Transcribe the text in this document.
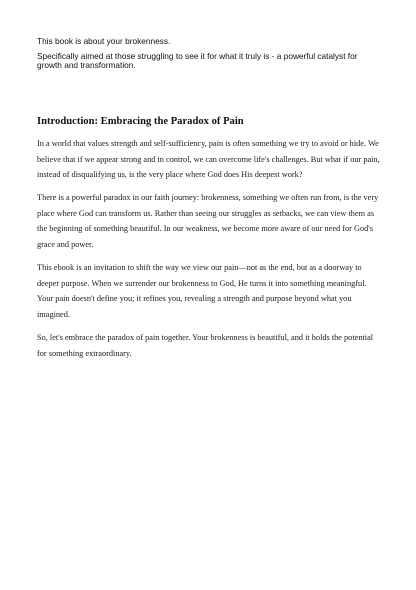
This book is about your brokenness.

Specifically aimed at those struggling to see it for what it truly is - a powerful catalyst for growth and transformation.

Introduction: Embracing the Paradox of Pain

In a world that values strength and self-sufficiency, pain is often something we try to avoid or hide. We believe that if we appear strong and in control, we can overcome life's challenges. But what if our pain, instead of disqualifying us, is the very place where God does His deepest work?

There is a powerful paradox in our faith journey: brokenness, something we often run from, is the very place where God can transform us. Rather than seeing our struggles as setbacks, we can view them as the beginning of something beautiful. In our weakness, we become more aware of our need for God's grace and power.

This ebook is an invitation to shift the way we view our pain—not as the end, but as a doorway to deeper purpose. When we surrender our brokenness to God, He turns it into something meaningful. Your pain doesn't define you; it refines you, revealing a strength and purpose beyond what you imagined.

So, let's embrace the paradox of pain together. Your brokenness is beautiful, and it holds the potential for something extraordinary.
